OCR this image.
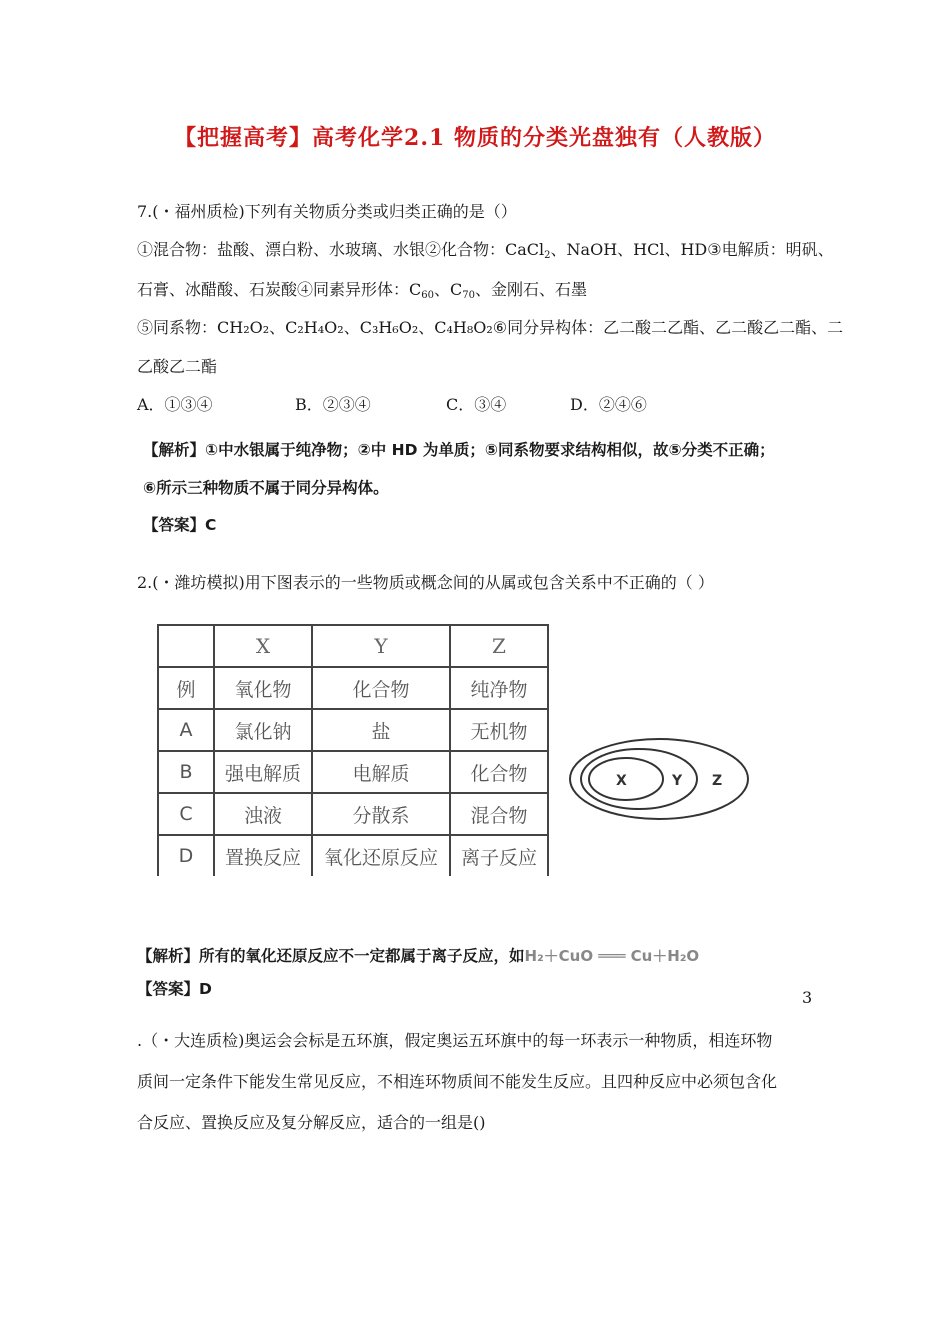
【把握高考】高考化学2.1 物质的分类光盘独有（人教版）
7.(・福州质检)下列有关物质分类或归类正确的是（）
①混合物：盐酸、漂白粉、水玻璃、水银②化合物：CaCl$_2$、NaOH、HCl、HD③电解质：明矾、
石膏、冰醋酸、石炭酸④同素异形体：$C_{60}$、$C_{70}$、金刚石、石墨
⑤同系物：CH₂O₂、C₂H₄O₂、C₃H₆O₂、C₄H₈O₂⑥同分异构体：乙二酸二乙酯、乙二酸乙二酯、二
乙酸乙二酯
A．①③④	B．②③④	C．③④	D．②④⑥
【解析】①中水银属于纯净物；②中 HD 为单质；⑤同系物要求结构相似，故⑤分类不正确；
⑥所示三种物质不属于同分异构体。
【答案】C
2.(・潍坊模拟)用下图表示的一些物质或概念间的从属或包含关系中不正确的（ ）
	X	Y	Z
例	氧化物	化合物	纯净物
A	氯化钠	盐	无机物
B	强电解质	电解质	化合物
C	浊液	分散系	混合物
D	置换反应	氧化还原反应	离子反应
X	Y Z
【解析】所有的氧化还原反应不一定都属于离子反应，如H₂＋CuO ═══ Cu＋H₂O
【答案】D	3
.（・大连质检)奥运会会标是五环旗，假定奥运五环旗中的每一环表示一种物质，相连环物
质间一定条件下能发生常见反应，不相连环物质间不能发生反应。且四种反应中必须包含化
合反应、置换反应及复分解反应，适合的一组是()
